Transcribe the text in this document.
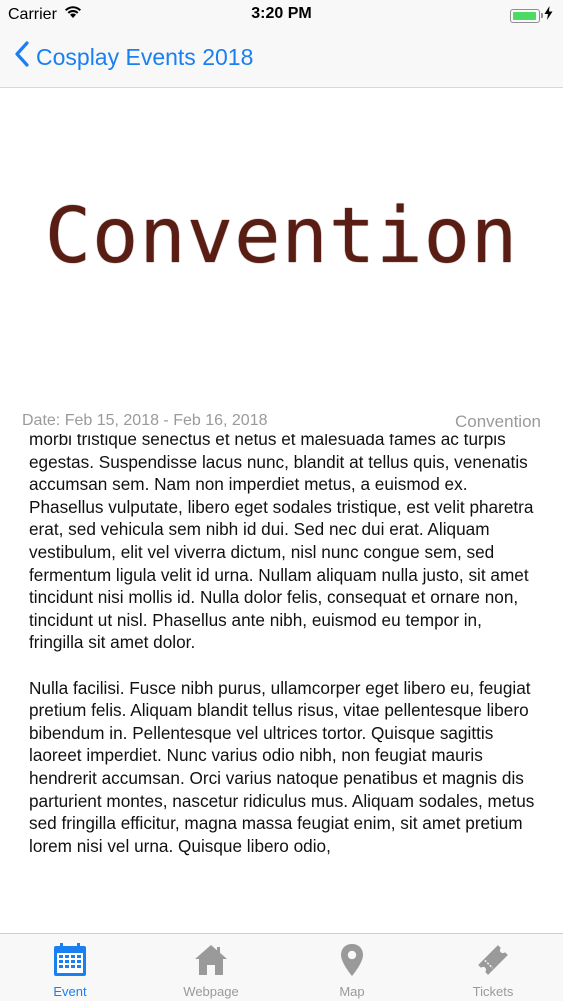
Carrier	3:20 PM
Cosplay Events 2018
Convention
Date: Feb 15, 2018 - Feb 16, 2018	Convention

morbi tristique senectus et netus et malesuada fames ac turpis egestas. Suspendisse lacus nunc, blandit at tellus quis, venenatis accumsan sem. Nam non imperdiet metus, a euismod ex. Phasellus vulputate, libero eget sodales tristique, est velit pharetra erat, sed vehicula sem nibh id dui. Sed nec dui erat. Aliquam vestibulum, elit vel viverra dictum, nisl nunc congue sem, sed fermentum ligula velit id urna. Nullam aliquam nulla justo, sit amet tincidunt nisi mollis id. Nulla dolor felis, consequat et ornare non, tincidunt ut nisl. Phasellus ante nibh, euismod eu tempor in, fringilla sit amet dolor.

Nulla facilisi. Fusce nibh purus, ullamcorper eget libero eu, feugiat pretium felis. Aliquam blandit tellus risus, vitae pellentesque libero bibendum in. Pellentesque vel ultrices tortor. Quisque sagittis laoreet imperdiet. Nunc varius odio nibh, non feugiat mauris hendrerit accumsan. Orci varius natoque penatibus et magnis dis parturient montes, nascetur ridiculus mus. Aliquam sodales, metus sed fringilla efficitur, magna massa feugiat enim, sit amet pretium lorem nisi vel urna. Quisque libero odio,

Event	Webpage	Map	Tickets
